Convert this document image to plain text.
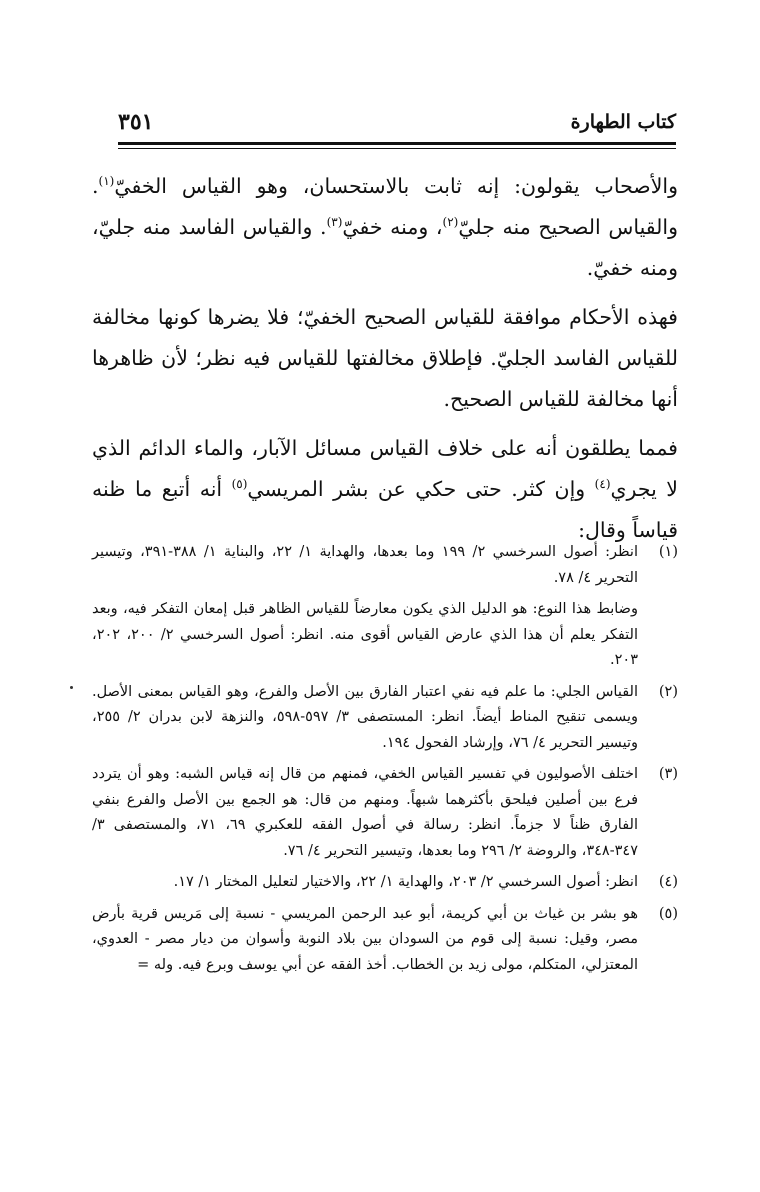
كتاب الطهارة
٣٥١

والأصحاب يقولون: إنه ثابت بالاستحسان، وهو القياس الخفيّ$^{(١)}$. والقياس الصحيح منه جليّ$^{(٢)}$، ومنه خفيّ$^{(٣)}$. والقياس الفاسد منه جليّ، ومنه خفيّ.

فهذه الأحكام موافقة للقياس الصحيح الخفيّ؛ فلا يضرها كونها مخالفة للقياس الفاسد الجليّ. فإطلاق مخالفتها للقياس فيه نظر؛ لأن ظاهرها أنها مخالفة للقياس الصحيح.

فمما يطلقون أنه على خلاف القياس مسائل الآبار، والماء الدائم الذي لا يجري$^{(٤)}$ وإن كثر. حتى حكي عن بشر المريسي$^{(٥)}$ أنه أتبع ما ظنه قياساً وقال:

(١)
انظر: أصول السرخسي ٢/ ١٩٩ وما بعدها، والهداية ١/ ٢٢، والبناية ١/ ٣٨٨-٣٩١، وتيسير التحرير ٤/ ٧٨.
وضابط هذا النوع: هو الدليل الذي يكون معارضاً للقياس الظاهر قبل إمعان التفكر فيه، وبعد التفكر يعلم أن هذا الذي عارض القياس أقوى منه. انظر: أصول السرخسي ٢/ ٢٠٠، ٢٠٢، ٢٠٣.
(٢)
القياس الجلي: ما علم فيه نفي اعتبار الفارق بين الأصل والفرع، وهو القياس بمعنى الأصل. ويسمى تنقيح المناط أيضاً. انظر: المستصفى ٣/ ٥٩٧-٥٩٨، والنزهة لابن بدران ٢/ ٢٥٥، وتيسير التحرير ٤/ ٧٦، وإرشاد الفحول ١٩٤.
(٣)
اختلف الأصوليون في تفسير القياس الخفي، فمنهم من قال إنه قياس الشبه: وهو أن يتردد فرع بين أصلين فيلحق بأكثرهما شبهاً. ومنهم من قال: هو الجمع بين الأصل والفرع بنفي الفارق ظناً لا جزماً. انظر: رسالة في أصول الفقه للعكبري ٦٩، ٧١، والمستصفى ٣/ ٣٤٧-٣٤٨، والروضة ٢/ ٢٩٦ وما بعدها، وتيسير التحرير ٤/ ٧٦.
(٤)
انظر: أصول السرخسي ٢/ ٢٠٣، والهداية ١/ ٢٢، والاختيار لتعليل المختار ١/ ١٧.
(٥)
هو بشر بن غياث بن أبي كريمة، أبو عبد الرحمن المريسي - نسبة إلى مَريس قرية بأرض مصر، وقيل: نسبة إلى قوم من السودان بين بلاد النوبة وأسوان من ديار مصر - العدوي، المعتزلي، المتكلم، مولى زيد بن الخطاب. أخذ الفقه عن أبي يوسف وبرع فيه. وله =
